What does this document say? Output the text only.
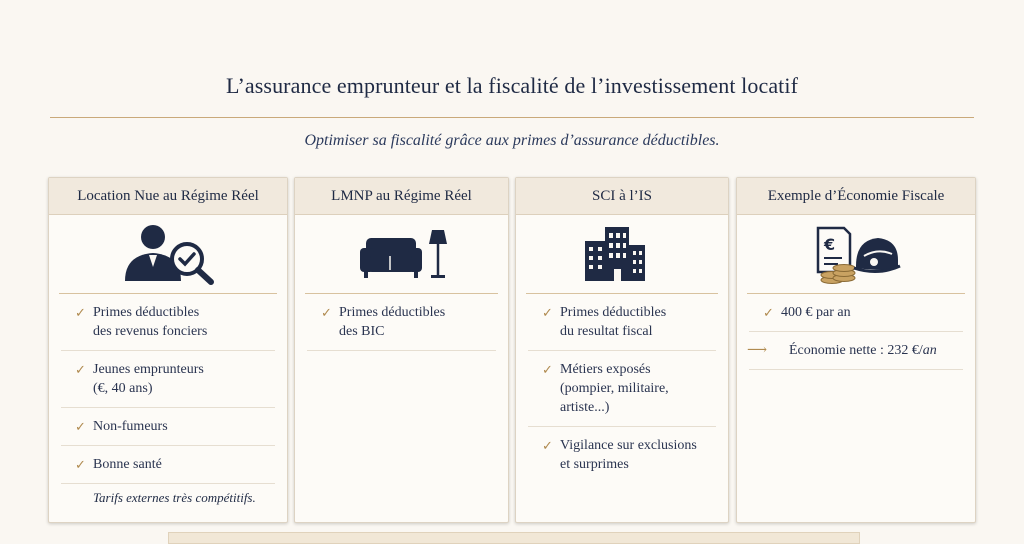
L’assurance emprunteur et la fiscalité de l’investissement locatif
Optimiser sa fiscalité grâce aux primes d’assurance déductibles.
Location Nue au Régime Réel
✓ Primes déductibles
des revenus fonciers
✓ Jeunes emprunteurs
(€, 40 ans)
✓ Non-fumeurs
✓ Bonne santé
Tarifs externes très compétitifs.
LMNP au Régime Réel
✓ Primes déductibles
des BIC
SCI à l’IS
✓ Primes déductibles
du resultat fiscal
✓ Métiers exposés
(pompier, militaire, artiste...)
✓ Vigilance sur exclusions
et surprimes
Exemple d’Économie Fiscale
€
✓ 400 € par an
⟶ Économie nette : 232 €/an
